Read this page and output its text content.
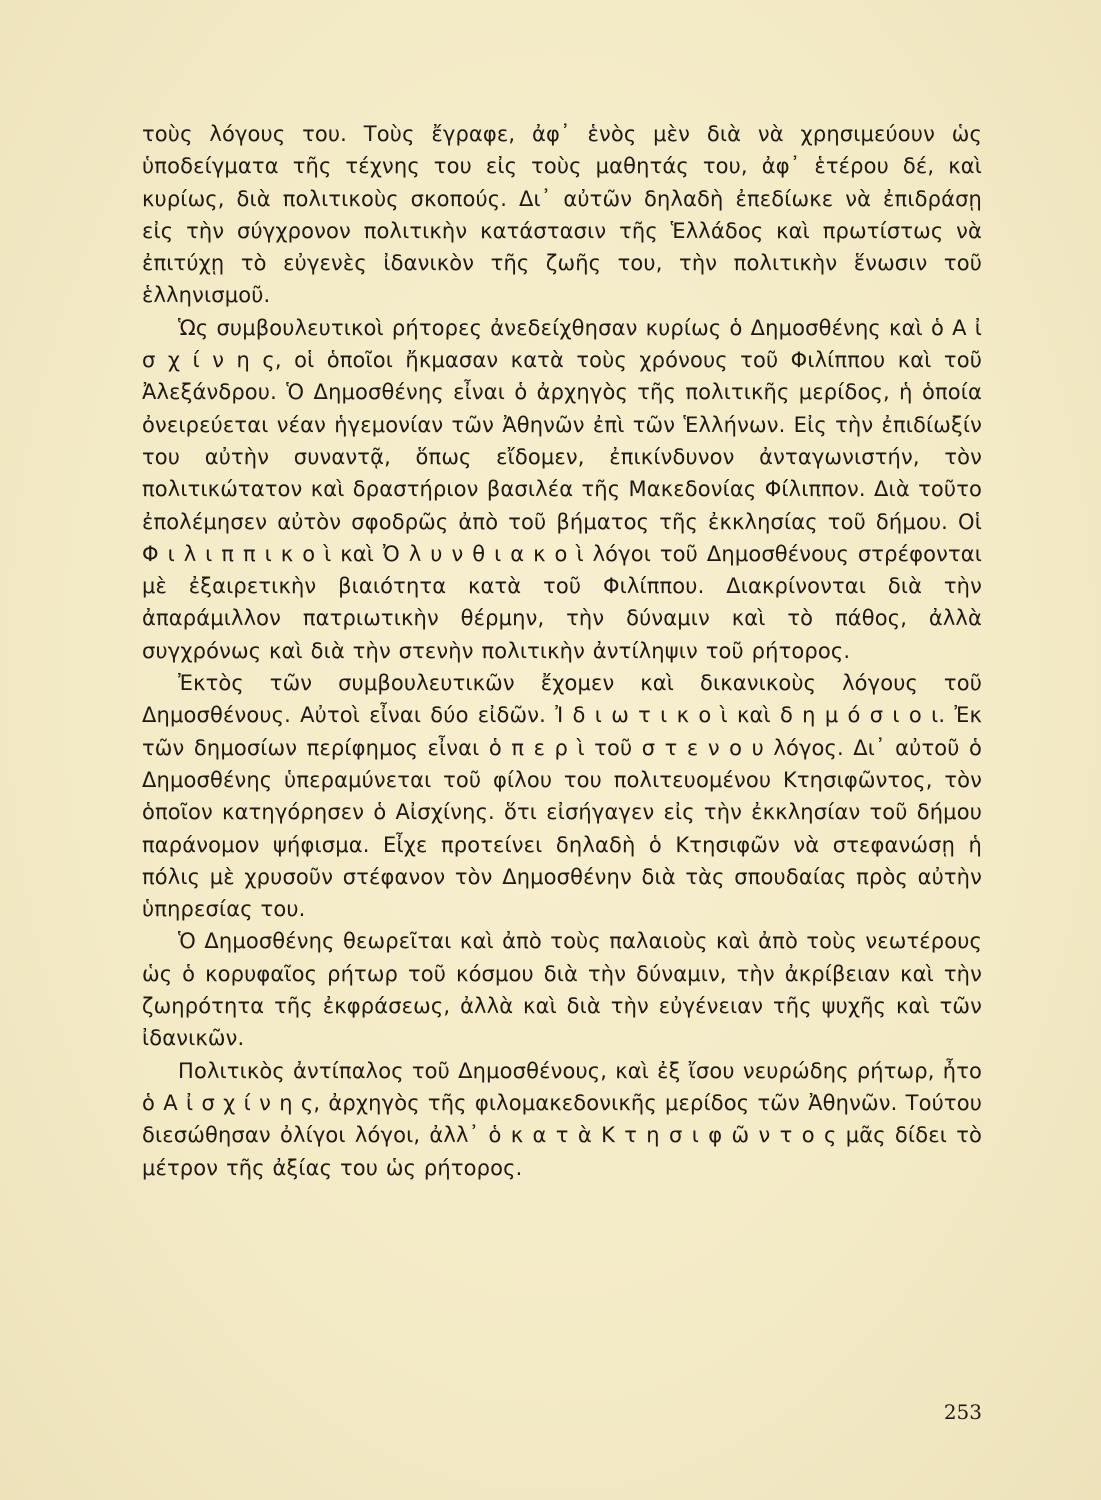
τοὺς λόγους του. Τοὺς ἔγραφε, ἀφ᾽ ἑνὸς μὲν διὰ νὰ χρησιμεύουν ὡς ὑποδείγματα τῆς τέχνης του εἰς τοὺς μαθητάς του, ἀφ᾽ ἑτέρου δέ, καὶ κυρίως, διὰ πολιτικοὺς σκοπούς. Δι᾽ αὐτῶν δηλαδὴ ἐπεδίωκε νὰ ἐπιδράσῃ εἰς τὴν σύγχρονον πολιτικὴν κατάστασιν τῆς Ἑλλάδος καὶ πρωτίστως νὰ ἐπιτύχῃ τὸ εὐγενὲς ἰδανικὸν τῆς ζωῆς του, τὴν πολιτικὴν ἕνωσιν τοῦ ἑλληνισμοῦ.

Ὡς συμβουλευτικοὶ ρήτορες ἀνεδείχθησαν κυρίως ὁ Δημοσθένης καὶ ὁ Α ἰ σ χ ί ν η ς, οἱ ὁποῖοι ἤκμασαν κατὰ τοὺς χρόνους τοῦ Φιλίππου καὶ τοῦ Ἀλεξάνδρου. Ὁ Δημοσθένης εἶναι ὁ ἀρχηγὸς τῆς πολιτικῆς μερίδος, ἡ ὁποία ὀνειρεύεται νέαν ἡγεμονίαν τῶν Ἀθηνῶν ἐπὶ τῶν Ἑλλήνων. Εἰς τὴν ἐπιδίωξίν του αὐτὴν συναντᾷ, ὅπως εἴδομεν, ἐπικίνδυνον ἀνταγωνιστήν, τὸν πολιτικώτατον καὶ δραστήριον βασιλέα τῆς Μακεδονίας Φίλιππον. Διὰ τοῦτο ἐπολέμησεν αὐτὸν σφοδρῶς ἀπὸ τοῦ βήματος τῆς ἐκκλησίας τοῦ δήμου. Οἱ Φ ι λ ι π π ι κ ο ὶ καὶ Ὀ λ υ ν θ ι α κ ο ὶ λόγοι τοῦ Δημοσθένους στρέφονται μὲ ἐξαιρετικὴν βιαιότητα κατὰ τοῦ Φιλίππου. Διακρίνονται διὰ τὴν ἀπαράμιλλον πατριωτικὴν θέρμην, τὴν δύναμιν καὶ τὸ πάθος, ἀλλὰ συγχρόνως καὶ διὰ τὴν στενὴν πολιτικὴν ἀντίληψιν τοῦ ρήτορος.

Ἐκτὸς τῶν συμβουλευτικῶν ἔχομεν καὶ δικανικοὺς λόγους τοῦ Δημοσθένους. Αὐτοὶ εἶναι δύο εἰδῶν. Ἰ δ ι ω τ ι κ ο ὶ καὶ δ η μ ό σ ι ο ι. Ἐκ τῶν δημοσίων περίφημος εἶναι ὁ π ε ρ ὶ τοῦ σ τ ε ν ο υ λόγος. Δι᾽ αὐτοῦ ὁ Δημοσθένης ὑπεραμύνεται τοῦ φίλου του πολιτευομένου Κτησιφῶντος, τὸν ὁποῖον κατηγόρησεν ὁ Αἰσχίνης. ὅτι εἰσήγαγεν εἰς τὴν ἐκκλησίαν τοῦ δήμου παράνομον ψήφισμα. Εἶχε προτείνει δηλαδὴ ὁ Κτησιφῶν νὰ στεφανώσῃ ἡ πόλις μὲ χρυσοῦν στέφανον τὸν Δημοσθένην διὰ τὰς σπουδαίας πρὸς αὐτὴν ὑπηρεσίας του.

Ὁ Δημοσθένης θεωρεῖται καὶ ἀπὸ τοὺς παλαιοὺς καὶ ἀπὸ τοὺς νεωτέρους ὡς ὁ κορυφαῖος ρήτωρ τοῦ κόσμου διὰ τὴν δύναμιν, τὴν ἀκρίβειαν καὶ τὴν ζωηρότητα τῆς ἐκφράσεως, ἀλλὰ καὶ διὰ τὴν εὐγένειαν τῆς ψυχῆς καὶ τῶν ἰδανικῶν.

Πολιτικὸς ἀντίπαλος τοῦ Δημοσθένους, καὶ ἐξ ἴσου νευρώδης ρήτωρ, ἦτο ὁ Α ἰ σ χ ί ν η ς, ἀρχηγὸς τῆς φιλομακεδονικῆς μερίδος τῶν Ἀθηνῶν. Τούτου διεσώθησαν ὀλίγοι λόγοι, ἀλλ᾽ ὁ κ α τ ὰ Κ τ η σ ι φ ῶ ν τ ο ς μᾶς δίδει τὸ μέτρον τῆς ἀξίας του ὡς ρήτορος.

253
